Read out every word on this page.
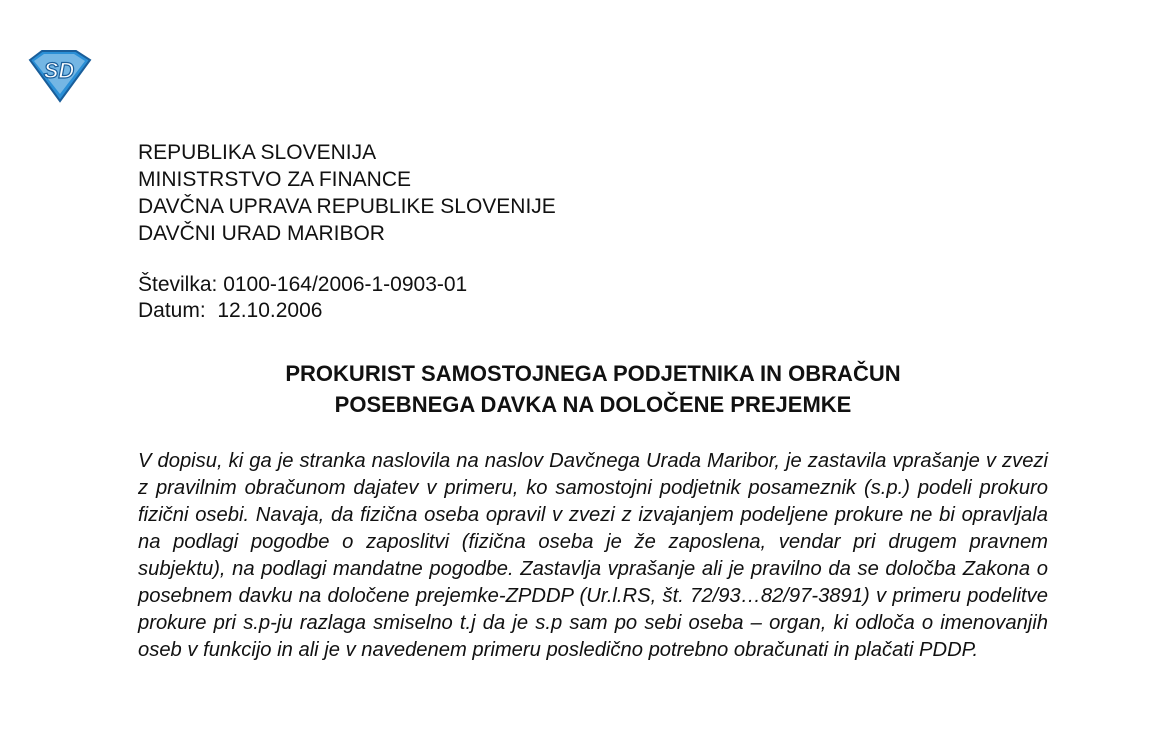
SD
REPUBLIKA SLOVENIJA
MINISTRSTVO ZA FINANCE
DAVČNA UPRAVA REPUBLIKE SLOVENIJE
DAVČNI URAD MARIBOR
Številka: 0100-164/2006-1-0903-01
Datum:  12.10.2006
PROKURIST SAMOSTOJNEGA PODJETNIKA IN OBRAČUN
POSEBNEGA DAVKA NA DOLOČENE PREJEMKE

V dopisu, ki ga je stranka naslovila na naslov Davčnega Urada Maribor, je zastavila vprašanje v zvezi z pravilnim obračunom dajatev v primeru, ko samostojni podjetnik posameznik (s.p.) podeli prokuro fizični osebi. Navaja, da fizična oseba opravil v zvezi z izvajanjem podeljene prokure ne bi opravljala na podlagi pogodbe o zaposlitvi (fizična oseba je že zaposlena, vendar pri drugem pravnem subjektu), na podlagi mandatne pogodbe. Zastavlja vprašanje ali je pravilno da se določba Zakona o posebnem davku na določene prejemke-ZPDDP (Ur.l.RS, št. 72/93…82/97-3891) v primeru podelitve prokure pri s.p-ju razlaga smiselno t.j da je s.p sam po sebi oseba – organ, ki odloča o imenovanjih oseb v funkcijo in ali je v navedenem primeru posledično potrebno obračunati in plačati PDDP.
